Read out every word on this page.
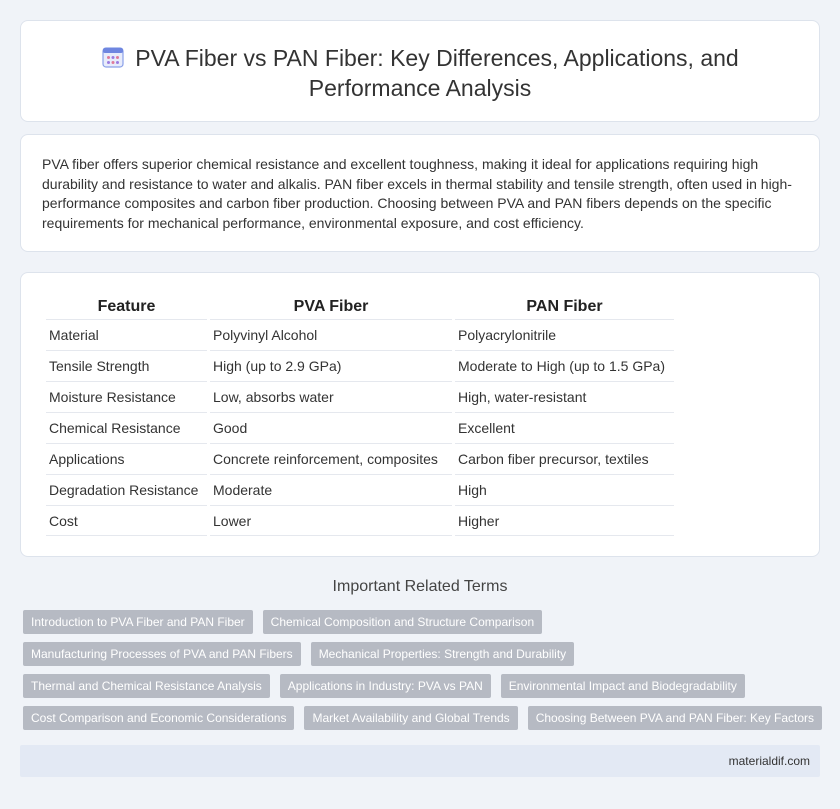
PVA Fiber vs PAN Fiber: Key Differences, Applications, and
Performance Analysis

PVA fiber offers superior chemical resistance and excellent toughness, making it ideal for applications requiring high durability and resistance to water and alkalis. PAN fiber excels in thermal stability and tensile strength, often used in high-performance composites and carbon fiber production. Choosing between PVA and PAN fibers depends on the specific requirements for mechanical performance, environmental exposure, and cost efficiency.

Feature	PVA Fiber	PAN Fiber
Material	Polyvinyl Alcohol	Polyacrylonitrile
Tensile Strength	High (up to 2.9 GPa)	Moderate to High (up to 1.5 GPa)
Moisture Resistance	Low, absorbs water	High, water-resistant
Chemical Resistance	Good	Excellent
Applications	Concrete reinforcement, composites	Carbon fiber precursor, textiles
Degradation Resistance	Moderate	High
Cost	Lower	Higher
Important Related Terms
Introduction to PVA Fiber and PAN Fiber Chemical Composition and Structure Comparison
Manufacturing Processes of PVA and PAN Fibers Mechanical Properties: Strength and Durability
Thermal and Chemical Resistance Analysis Applications in Industry: PVA vs PAN Environmental Impact and Biodegradability
Cost Comparison and Economic Considerations Market Availability and Global Trends Choosing Between PVA and PAN Fiber: Key Factors
materialdif.com
